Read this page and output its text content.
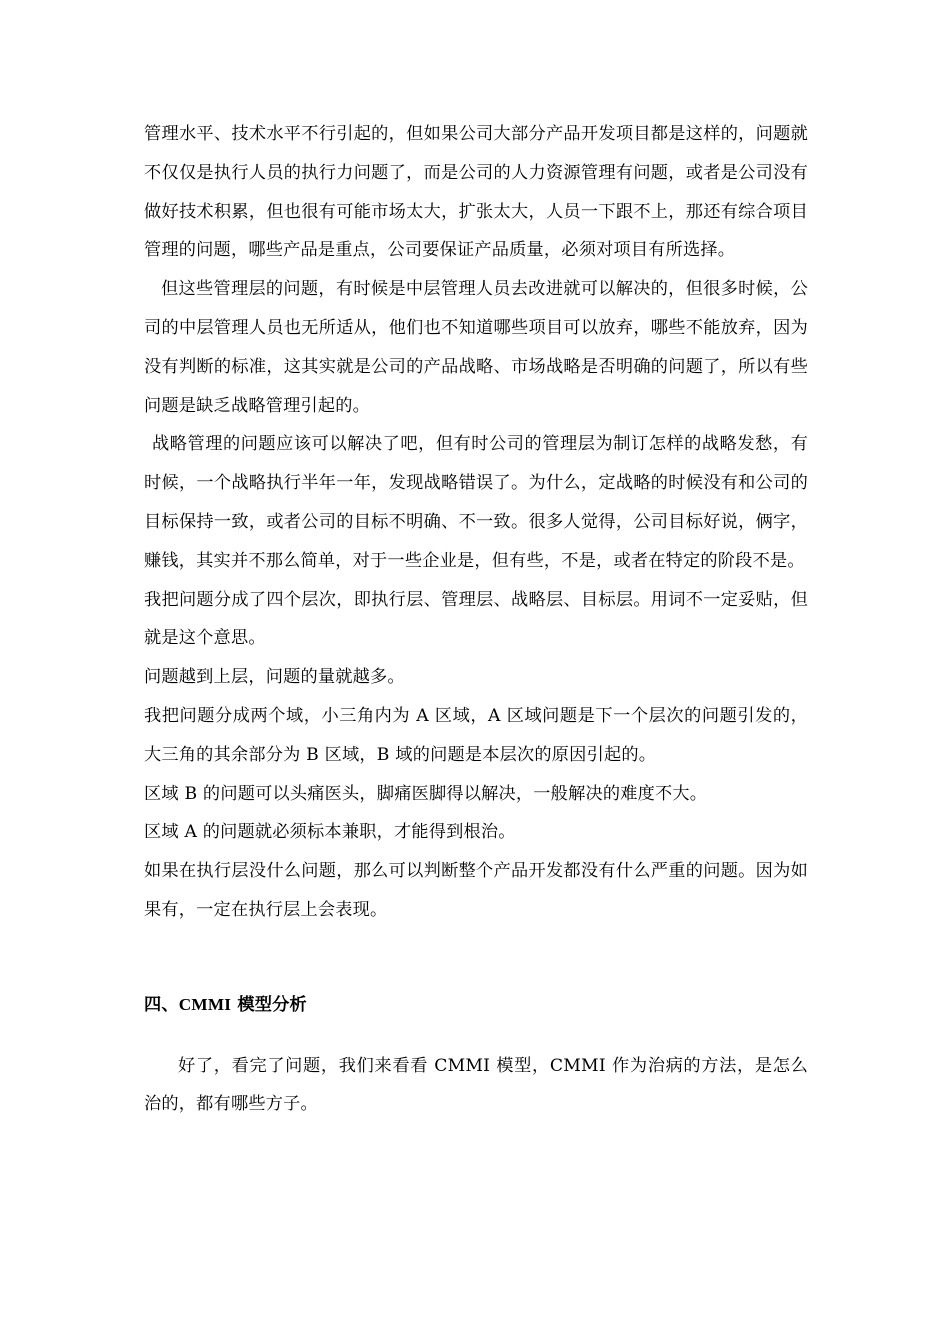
管理水平、技术水平不行引起的，但如果公司大部分产品开发项目都是这样的，问题就不仅仅是执行人员的执行力问题了，而是公司的人力资源管理有问题，或者是公司没有做好技术积累，但也很有可能市场太大，扩张太大，人员一下跟不上，那还有综合项目管理的问题，哪些产品是重点，公司要保证产品质量，必须对项目有所选择。

但这些管理层的问题，有时候是中层管理人员去改进就可以解决的，但很多时候，公司的中层管理人员也无所适从，他们也不知道哪些项目可以放弃，哪些不能放弃，因为没有判断的标准，这其实就是公司的产品战略、市场战略是否明确的问题了，所以有些问题是缺乏战略管理引起的。

战略管理的问题应该可以解决了吧，但有时公司的管理层为制订怎样的战略发愁，有时候，一个战略执行半年一年，发现战略错误了。为什么，定战略的时候没有和公司的目标保持一致，或者公司的目标不明确、不一致。很多人觉得，公司目标好说，俩字，赚钱，其实并不那么简单，对于一些企业是，但有些，不是，或者在特定的阶段不是。

我把问题分成了四个层次，即执行层、管理层、战略层、目标层。用词不一定妥贴，但就是这个意思。

问题越到上层，问题的量就越多。

我把问题分成两个域，小三角内为 A 区域，A 区域问题是下一个层次的问题引发的，大三角的其余部分为 B 区域，B 域的问题是本层次的原因引起的。

区域 B 的问题可以头痛医头，脚痛医脚得以解决，一般解决的难度不大。

区域 A 的问题就必须标本兼职，才能得到根治。

如果在执行层没什么问题，那么可以判断整个产品开发都没有什么严重的问题。因为如果有，一定在执行层上会表现。

四、CMMI 模型分析

好了，看完了问题，我们来看看 CMMI 模型，CMMI 作为治病的方法，是怎么治的，都有哪些方子。
